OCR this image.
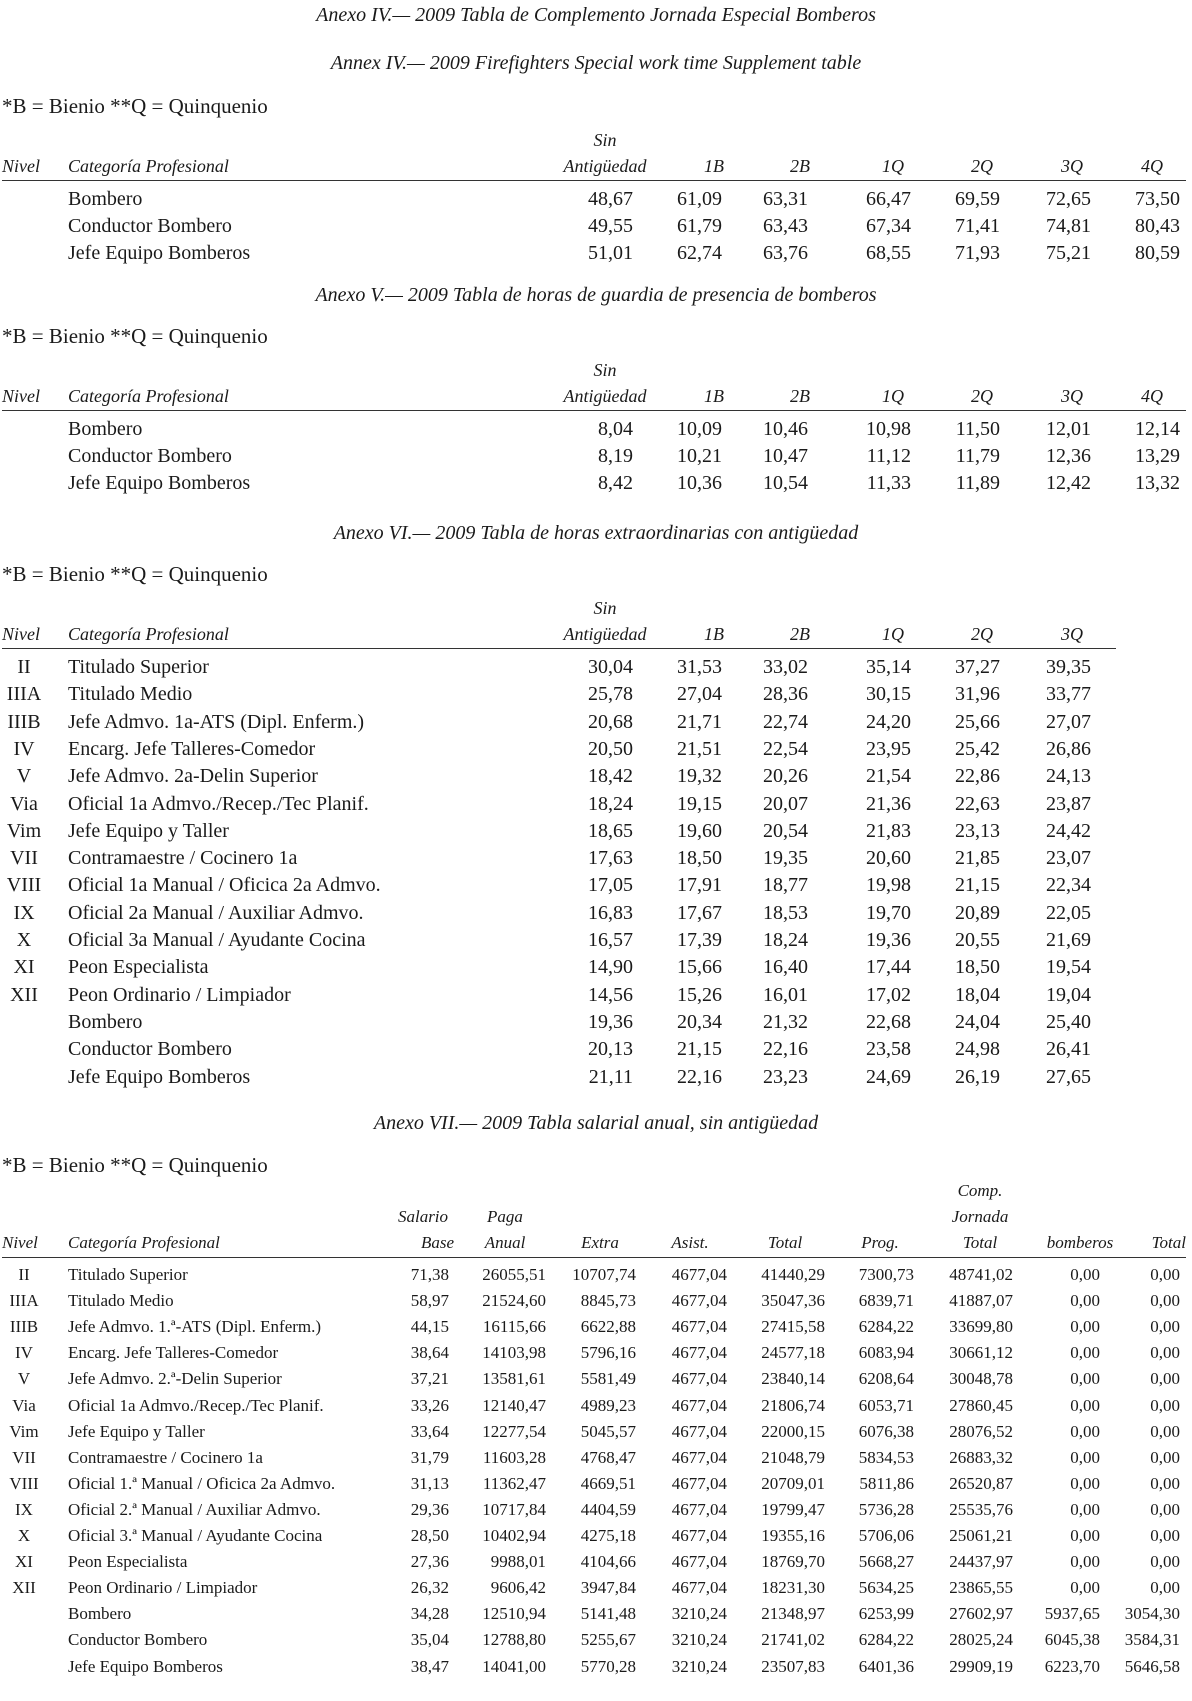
Anexo IV.— 2009 Tabla de Complemento Jornada Especial Bomberos
Annex IV.— 2009 Firefighters Special work time Supplement table
*B = Bienio **Q = Quinquenio
Sin
Nivel Categoría Profesional	Antigüedad	1B	2B	1Q	2Q	3Q	4Q
Bombero	48,67	61,09	63,31	66,47	69,59	72,65	73,50
Conductor Bombero	49,55	61,79	63,43	67,34	71,41	74,81	80,43
Jefe Equipo Bomberos	51,01	62,74	63,76	68,55	71,93	75,21	80,59
Anexo V.— 2009 Tabla de horas de guardia de presencia de bomberos
*B = Bienio **Q = Quinquenio
Sin
Nivel Categoría Profesional	Antigüedad	1B	2B	1Q	2Q	3Q	4Q
Bombero	8,04	10,09	10,46	10,98	11,50	12,01	12,14
Conductor Bombero	8,19	10,21	10,47	11,12	11,79	12,36	13,29
Jefe Equipo Bomberos	8,42	10,36	10,54	11,33	11,89	12,42	13,32
Anexo VI.— 2009 Tabla de horas extraordinarias con antigüedad
*B = Bienio **Q = Quinquenio
Sin
Nivel Categoría Profesional	Antigüedad	1B	2B	1Q	2Q	3Q
II	Titulado Superior	30,04	31,53	33,02	35,14	37,27	39,35
IIIA Titulado Medio	25,78	27,04	28,36	30,15	31,96	33,77
IIIB Jefe Admvo. 1a-ATS (Dipl. Enferm.)	20,68	21,71	22,74	24,20	25,66	27,07
IV	Encarg. Jefe Talleres-Comedor	20,50	21,51	22,54	23,95	25,42	26,86
V	Jefe Admvo. 2a-Delin Superior	18,42	19,32	20,26	21,54	22,86	24,13
Via	Oficial 1a Admvo./Recep./Tec Planif.	18,24	19,15	20,07	21,36	22,63	23,87
Vim Jefe Equipo y Taller	18,65	19,60	20,54	21,83	23,13	24,42
VII	Contramaestre / Cocinero 1a	17,63	18,50	19,35	20,60	21,85	23,07
VIII Oficial 1a Manual / Oficica 2a Admvo.	17,05	17,91	18,77	19,98	21,15	22,34
IX	Oficial 2a Manual / Auxiliar Admvo.	16,83	17,67	18,53	19,70	20,89	22,05
X	Oficial 3a Manual / Ayudante Cocina	16,57	17,39	18,24	19,36	20,55	21,69
XI	Peon Especialista	14,90	15,66	16,40	17,44	18,50	19,54
XII	Peon Ordinario / Limpiador	14,56	15,26	16,01	17,02	18,04	19,04
Bombero	19,36	20,34	21,32	22,68	24,04	25,40
Conductor Bombero	20,13	21,15	22,16	23,58	24,98	26,41
Jefe Equipo Bomberos	21,11	22,16	23,23	24,69	26,19	27,65
Anexo VII.— 2009 Tabla salarial anual, sin antigüedad
*B = Bienio **Q = Quinquenio
Comp.
Salario	Paga	Jornada
Nivel Categoría Profesional	Base	Anual	Extra	Asist.	Total	Prog.	Total	bomberos	Total
II	Titulado Superior	71,38	26055,51	10707,74	4677,04	41440,29	7300,73	48741,02	0,00	0,00
IIIA	Titulado Medio	58,97	21524,60	8845,73	4677,04	35047,36	6839,71	41887,07	0,00	0,00
IIIB	Jefe Admvo. 1.ª-ATS (Dipl. Enferm.)	44,15	16115,66	6622,88	4677,04	27415,58	6284,22	33699,80	0,00	0,00
IV	Encarg. Jefe Talleres-Comedor	38,64	14103,98	5796,16	4677,04	24577,18	6083,94	30661,12	0,00	0,00
V	Jefe Admvo. 2.ª-Delin Superior	37,21	13581,61	5581,49	4677,04	23840,14	6208,64	30048,78	0,00	0,00
Via	Oficial 1a Admvo./Recep./Tec Planif.	33,26	12140,47	4989,23	4677,04	21806,74	6053,71	27860,45	0,00	0,00
Vim	Jefe Equipo y Taller	33,64	12277,54	5045,57	4677,04	22000,15	6076,38	28076,52	0,00	0,00
VII	Contramaestre / Cocinero 1a	31,79	11603,28	4768,47	4677,04	21048,79	5834,53	26883,32	0,00	0,00
VIII	Oficial 1.ª Manual / Oficica 2a Admvo.	31,13	11362,47	4669,51	4677,04	20709,01	5811,86	26520,87	0,00	0,00
IX	Oficial 2.ª Manual / Auxiliar Admvo.	29,36	10717,84	4404,59	4677,04	19799,47	5736,28	25535,76	0,00	0,00
X	Oficial 3.ª Manual / Ayudante Cocina	28,50	10402,94	4275,18	4677,04	19355,16	5706,06	25061,21	0,00	0,00
XI	Peon Especialista	27,36	9988,01	4104,66	4677,04	18769,70	5668,27	24437,97	0,00	0,00
XII	Peon Ordinario / Limpiador	26,32	9606,42	3947,84	4677,04	18231,30	5634,25	23865,55	0,00	0,00
Bombero	34,28	12510,94	5141,48	3210,24	21348,97	6253,99	27602,97	5937,65	3054,30
Conductor Bombero	35,04	12788,80	5255,67	3210,24	21741,02	6284,22	28025,24	6045,38	3584,31
Jefe Equipo Bomberos	38,47	14041,00	5770,28	3210,24	23507,83	6401,36	29909,19	6223,70	5646,58
